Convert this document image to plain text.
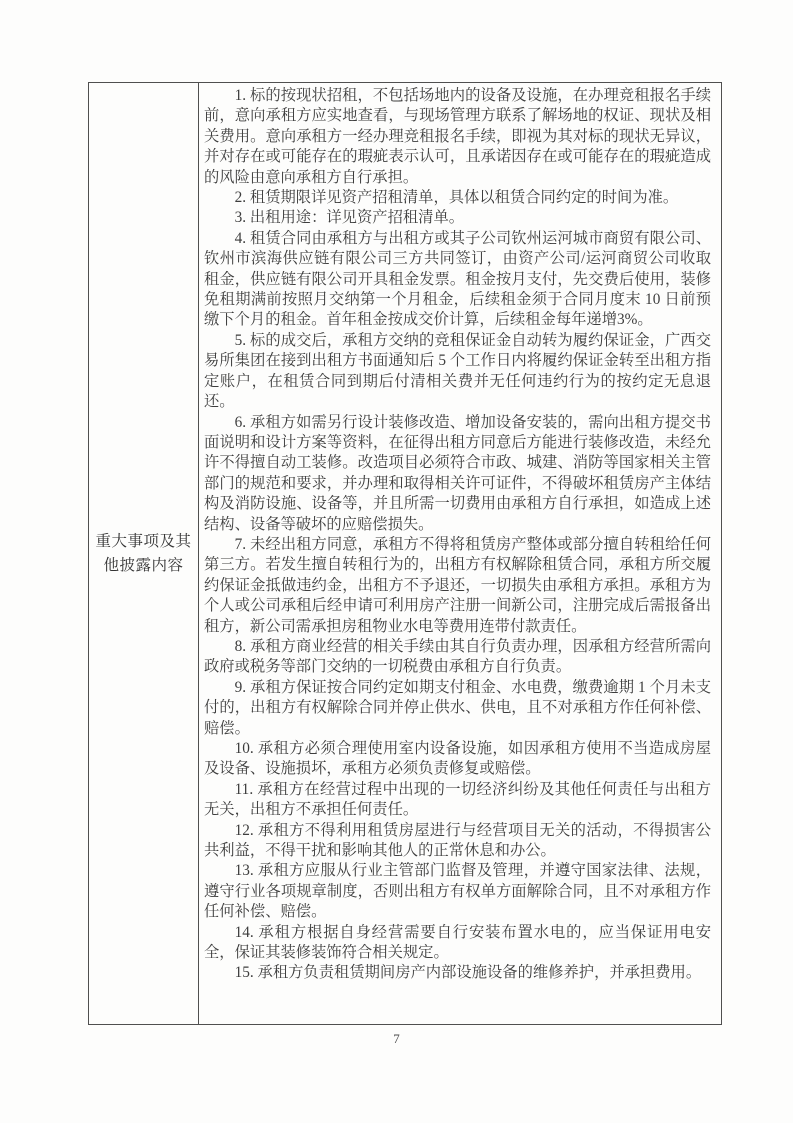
重大事项及其他披露内容

1. 标的按现状招租，不包括场地内的设备及设施，在办理竞租报名手续前，意向承租方应实地查看，与现场管理方联系了解场地的权证、现状及相关费用。意向承租方一经办理竞租报名手续，即视为其对标的现状无异议，并对存在或可能存在的瑕疵表示认可，且承诺因存在或可能存在的瑕疵造成的风险由意向承租方自行承担。

2. 租赁期限详见资产招租清单，具体以租赁合同约定的时间为准。

3. 出租用途：详见资产招租清单。

4. 租赁合同由承租方与出租方或其子公司钦州运河城市商贸有限公司、钦州市滨海供应链有限公司三方共同签订，由资产公司/运河商贸公司收取租金，供应链有限公司开具租金发票。租金按月支付，先交费后使用，装修免租期满前按照月交纳第一个月租金，后续租金须于合同月度末 10 日前预缴下个月的租金。首年租金按成交价计算，后续租金每年递增3%。

5. 标的成交后，承租方交纳的竞租保证金自动转为履约保证金，广西交易所集团在接到出租方书面通知后 5 个工作日内将履约保证金转至出租方指定账户，在租赁合同到期后付清相关费并无任何违约行为的按约定无息退还。

6. 承租方如需另行设计装修改造、增加设备安装的，需向出租方提交书面说明和设计方案等资料，在征得出租方同意后方能进行装修改造，未经允许不得擅自动工装修。改造项目必须符合市政、城建、消防等国家相关主管部门的规范和要求，并办理和取得相关许可证件，不得破坏租赁房产主体结构及消防设施、设备等，并且所需一切费用由承租方自行承担，如造成上述结构、设备等破坏的应赔偿损失。

7. 未经出租方同意，承租方不得将租赁房产整体或部分擅自转租给任何第三方。若发生擅自转租行为的，出租方有权解除租赁合同，承租方所交履约保证金抵做违约金，出租方不予退还，一切损失由承租方承担。承租方为个人或公司承租后经申请可利用房产注册一间新公司，注册完成后需报备出租方，新公司需承担房租物业水电等费用连带付款责任。

8. 承租方商业经营的相关手续由其自行负责办理，因承租方经营所需向政府或税务等部门交纳的一切税费由承租方自行负责。

9. 承租方保证按合同约定如期支付租金、水电费，缴费逾期 1 个月未支付的，出租方有权解除合同并停止供水、供电，且不对承租方作任何补偿、赔偿。

10. 承租方必须合理使用室内设备设施，如因承租方使用不当造成房屋及设备、设施损坏，承租方必须负责修复或赔偿。

11. 承租方在经营过程中出现的一切经济纠纷及其他任何责任与出租方无关，出租方不承担任何责任。

12. 承租方不得利用租赁房屋进行与经营项目无关的活动，不得损害公共利益，不得干扰和影响其他人的正常休息和办公。

13. 承租方应服从行业主管部门监督及管理，并遵守国家法律、法规，遵守行业各项规章制度，否则出租方有权单方面解除合同，且不对承租方作任何补偿、赔偿。

14. 承租方根据自身经营需要自行安装布置水电的，应当保证用电安全，保证其装修装饰符合相关规定。

15. 承租方负责租赁期间房产内部设施设备的维修养护，并承担费用。

7
